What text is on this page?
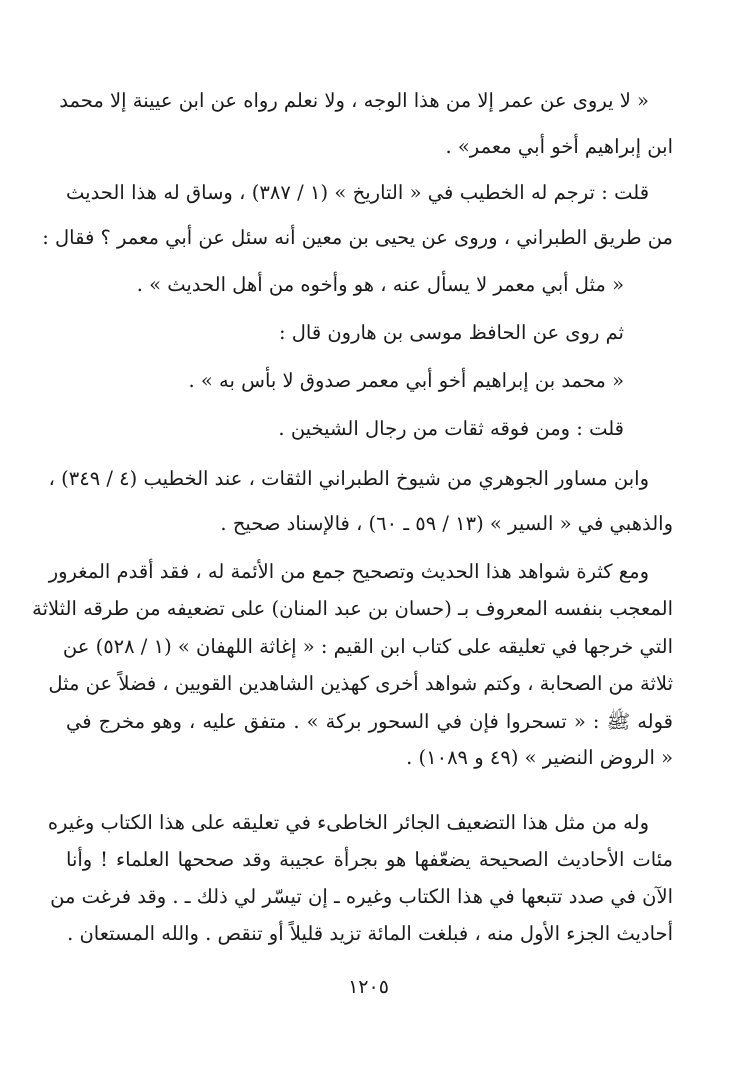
« لا يروى عن عمر إلا من هذا الوجه ، ولا نعلم رواه عن ابن عيينة إلا محمد
ابن إبراهيم أخو أبي معمر» .
قلت : ترجم له الخطيب في « التاريخ » (١ / ٣٨٧) ، وساق له هذا الحديث
من طريق الطبراني ، وروى عن يحيى بن معين أنه سئل عن أبي معمر ؟ فقال :
« مثل أبي معمر لا يسأل عنه ، هو وأخوه من أهل الحديث » .
ثم روى عن الحافظ موسى بن هارون قال :
« محمد بن إبراهيم أخو أبي معمر صدوق لا بأس به » .
قلت : ومن فوقه ثقات من رجال الشيخين .
وابن مساور الجوهري من شيوخ الطبراني الثقات ، عند الخطيب (٤ / ٣٤٩) ،
والذهبي في « السير » (١٣ / ٥٩ ـ ٦٠) ، فالإسناد صحيح .
ومع كثرة شواهد هذا الحديث وتصحيح جمع من الأئمة له ، فقد أقدم المغرور
المعجب بنفسه المعروف بـ (حسان بن عبد المنان) على تضعيفه من طرقه الثلاثة
التي خرجها في تعليقه على كتاب ابن القيم : « إغاثة اللهفان » (١ / ٥٢٨) عن
ثلاثة من الصحابة ، وكتم شواهد أخرى كهذين الشاهدين القويين ، فضلاً عن مثل
قوله ﷺ : « تسحروا فإن في السحور بركة » . متفق عليه ، وهو مخرج في
« الروض النضير » (٤٩ و ١٠٨٩) .
وله من مثل هذا التضعيف الجائر الخاطىء في تعليقه على هذا الكتاب وغيره
مئات الأحاديث الصحيحة يضعّفها هو بجرأة عجيبة وقد صححها العلماء ! وأنا
الآن في صدد تتبعها في هذا الكتاب وغيره ـ إن تيسّر لي ذلك ـ . وقد فرغت من
أحاديث الجزء الأول منه ، فبلغت المائة تزيد قليلاً أو تنقص . والله المستعان .
١٢٠٥
